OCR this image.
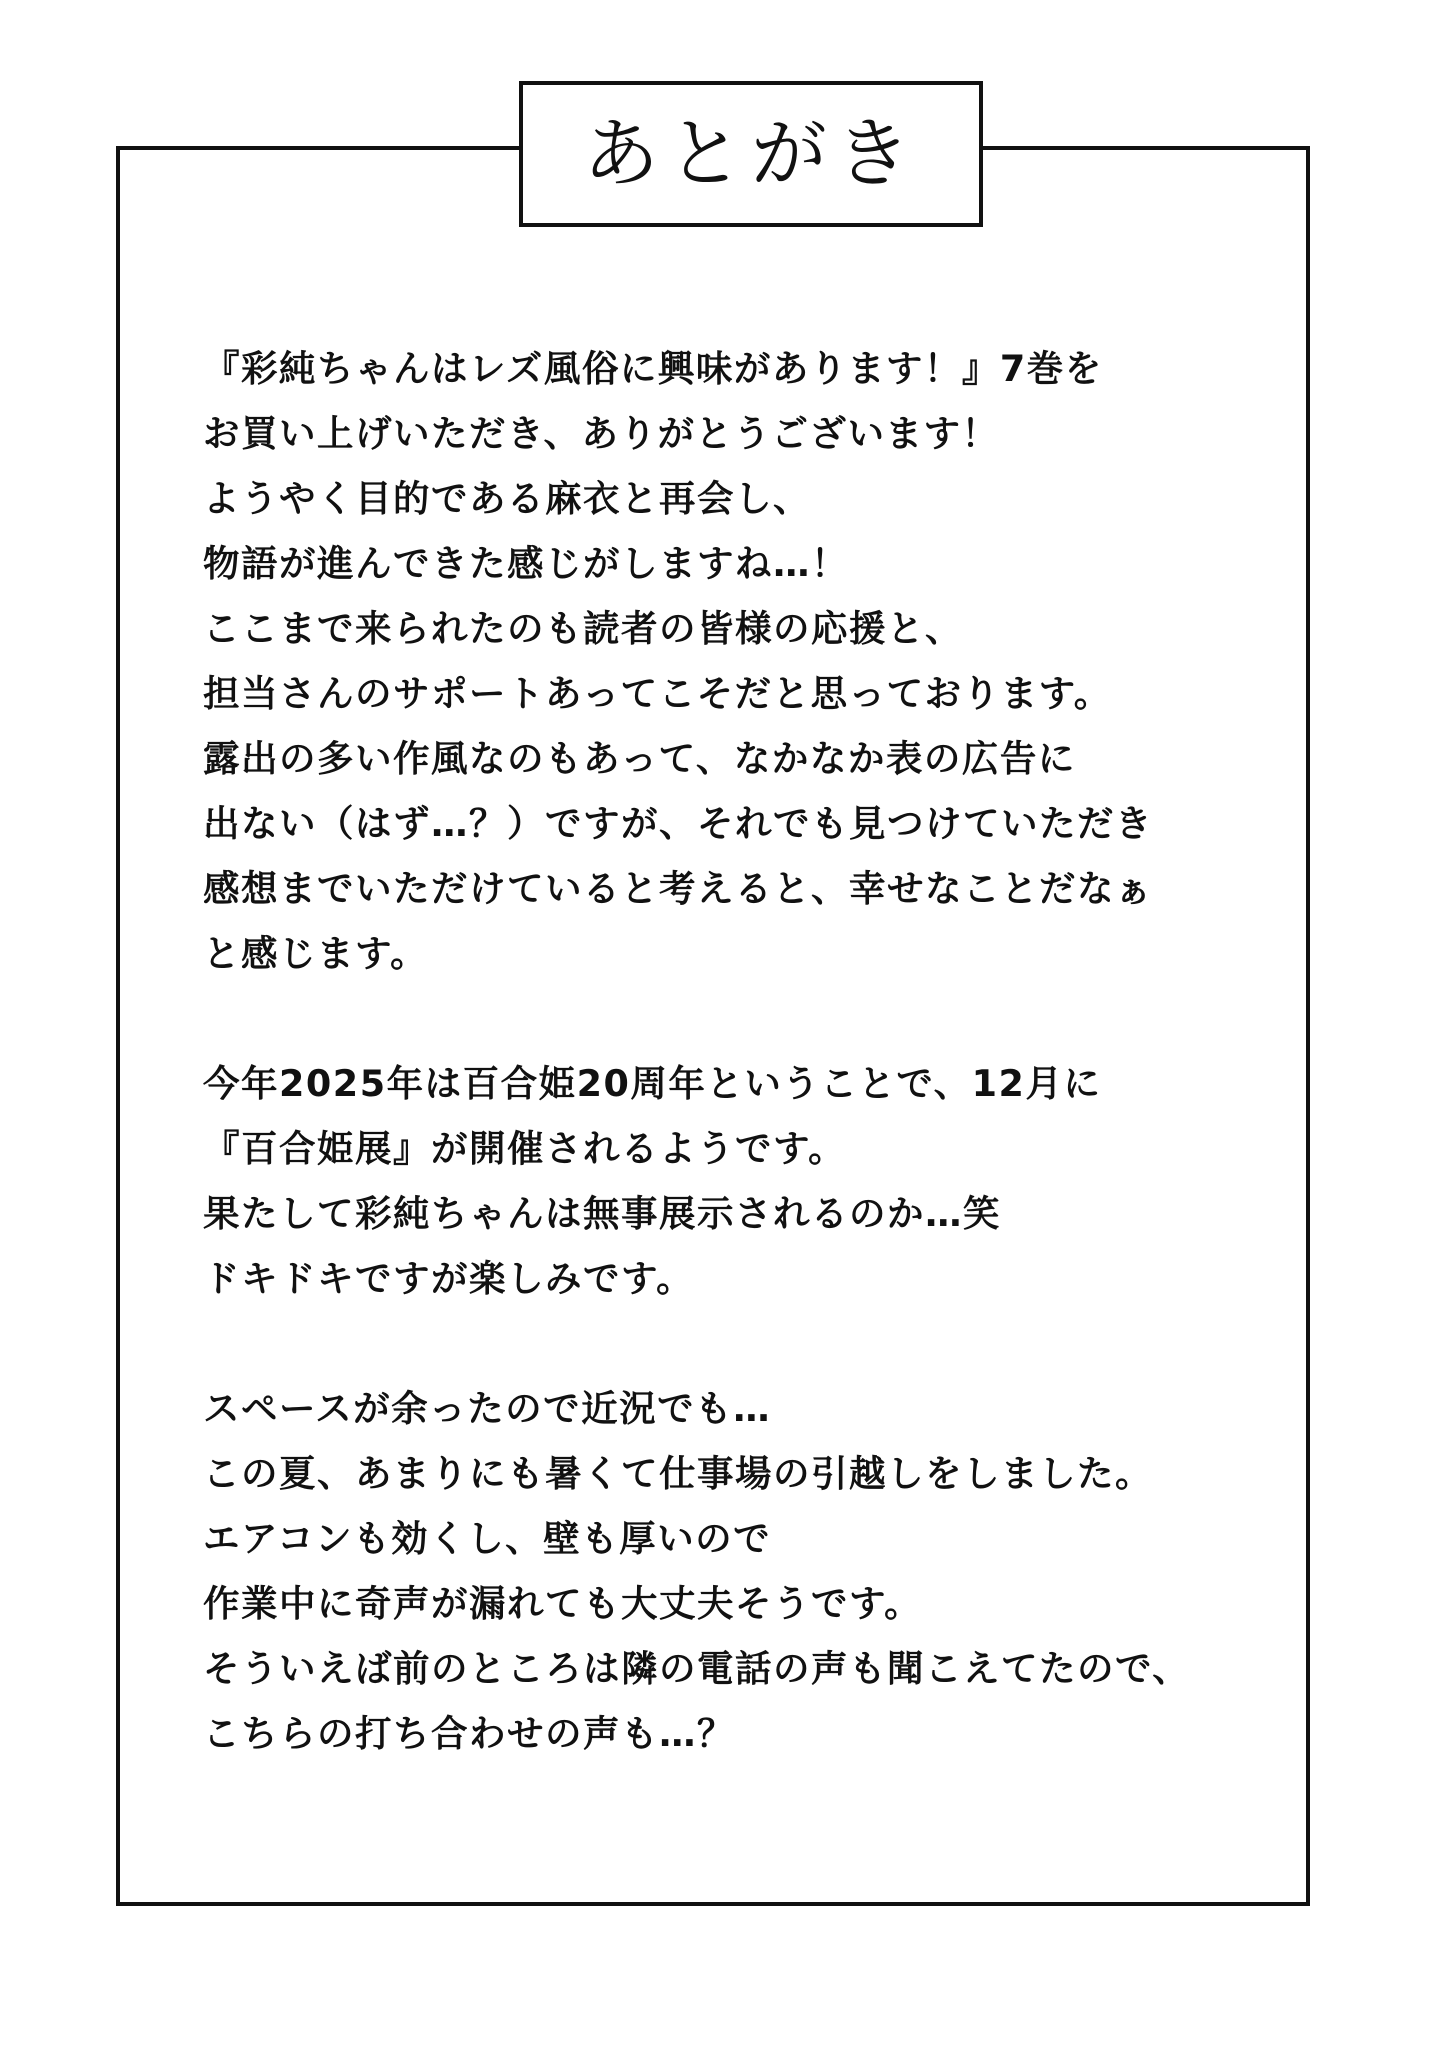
あとがき
『彩純ちゃんはレズ風俗に興味があります！』7巻を
お買い上げいただき、ありがとうございます！
ようやく目的である麻衣と再会し、
物語が進んできた感じがしますね…！
ここまで来られたのも読者の皆様の応援と、
担当さんのサポートあってこそだと思っております。
露出の多い作風なのもあって、なかなか表の広告に
出ない（はず…？）ですが、それでも見つけていただき
感想までいただけていると考えると、幸せなことだなぁ
と感じます。
今年2025年は百合姫20周年ということで、12月に
『百合姫展』が開催されるようです。
果たして彩純ちゃんは無事展示されるのか…笑
ドキドキですが楽しみです。
スペースが余ったので近況でも…
この夏、あまりにも暑くて仕事場の引越しをしました。
エアコンも効くし、壁も厚いので
作業中に奇声が漏れても大丈夫そうです。
そういえば前のところは隣の電話の声も聞こえてたので、
こちらの打ち合わせの声も…？
